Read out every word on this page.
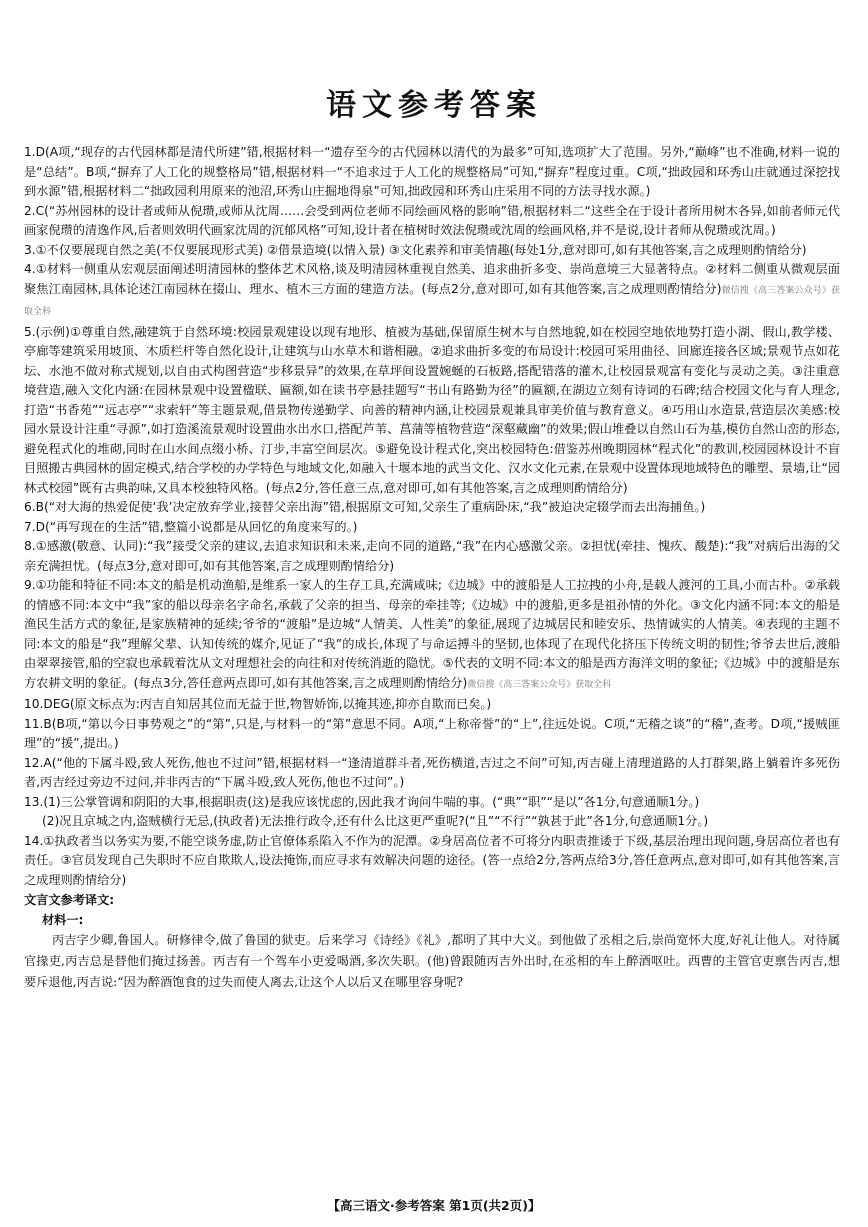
语文参考答案

1.D(A项,“现存的古代园林都是清代所建”错,根据材料一“遗存至今的古代园林以清代的为最多”可知,选项扩大了范围。另外,“巅峰”也不准确,材料一说的是“总结”。B项,“摒弃了人工化的规整格局”错,根据材料一“不追求过于人工化的规整格局”可知,“摒弃”程度过重。C项,“拙政园和环秀山庄就通过深挖找到水源”错,根据材料二“拙政园利用原来的池沼,环秀山庄掘地得泉”可知,拙政园和环秀山庄采用不同的方法寻找水源。)

2.C(“苏州园林的设计者或师从倪瓒,或师从沈周……会受到两位老师不同绘画风格的影响”错,根据材料二“这些全在于设计者所用树木各异,如前者师元代画家倪瓒的清逸作风,后者则效明代画家沈周的沉郁风格”可知,设计者在植树时效法倪瓒或沈周的绘画风格,并不是说,设计者师从倪瓒或沈周。)

3.①不仅要展现自然之美(不仅要展现形式美) ②借景造境(以情入景) ③文化素养和审美情趣(每处1分,意对即可,如有其他答案,言之成理则酌情给分)

4.①材料一侧重从宏观层面阐述明清园林的整体艺术风格,谈及明清园林重视自然美、追求曲折多变、崇尚意境三大显著特点。②材料二侧重从微观层面聚焦江南园林,具体论述江南园林在掇山、理水、植木三方面的建造方法。(每点2分,意对即可,如有其他答案,言之成理则酌情给分)微信搜《高三答案公众号》获取全科

5.(示例)①尊重自然,融建筑于自然环境:校园景观建设以现有地形、植被为基础,保留原生树木与自然地貌,如在校园空地依地势打造小湖、假山,教学楼、亭廊等建筑采用坡顶、木质栏杆等自然化设计,让建筑与山水草木和谐相融。②追求曲折多变的布局设计:校园可采用曲径、回廊连接各区域;景观节点如花坛、水池不做对称式规划,以自由式构图营造“步移景异”的效果,在草坪间设置婉蜒的石板路,搭配错落的灌木,让校园景观富有变化与灵动之美。③注重意境营造,融入文化内涵:在园林景观中设置楹联、匾额,如在读书亭悬挂题写“书山有路勤为径”的匾额,在湖边立刻有诗词的石碑;结合校园文化与育人理念,打造“书香苑”“远志亭”“求索轩”等主题景观,借景物传递勤学、向善的精神内涵,让校园景观兼具审美价值与教育意义。④巧用山水造景,营造层次美感:校园水景设计注重“寻源”,如打造溪流景观时设置曲水出水口,搭配芦苇、菖蒲等植物营造“深壑藏幽”的效果;假山堆叠以自然山石为基,模仿自然山峦的形态,避免程式化的堆砌,同时在山水间点缀小桥、汀步,丰富空间层次。⑤避免设计程式化,突出校园特色:借鉴苏州晚期园林“程式化”的教训,校园园林设计不盲目照搬古典园林的固定模式,结合学校的办学特色与地域文化,如融入十堰本地的武当文化、汉水文化元素,在景观中设置体现地域特色的雕塑、景墙,让“园林式校园”既有古典韵味,又具本校独特风格。(每点2分,答任意三点,意对即可,如有其他答案,言之成理则酌情给分)

6.B(“对大海的热爱促使‘我’决定放弃学业,接替父亲出海”错,根据原文可知,父亲生了重病卧床,“我”被迫决定辍学而去出海捕鱼。)

7.D(“再写现在的生活”错,整篇小说都是从回忆的角度来写的。)

8.①感激(敬意、认同):“我”接受父亲的建议,去追求知识和未来,走向不同的道路,“我”在内心感激父亲。②担忧(牵挂、愧疚、酸楚):“我”对病后出海的父亲充满担忧。(每点3分,意对即可,如有其他答案,言之成理则酌情给分)

9.①功能和特征不同:本文的船是机动渔船,是维系一家人的生存工具,充满咸味;《边城》中的渡船是人工拉拽的小舟,是载人渡河的工具,小而古朴。②承载的情感不同:本文中“我”家的船以母亲名字命名,承载了父亲的担当、母亲的牵挂等;《边城》中的渡船,更多是祖孙情的外化。③文化内涵不同:本文的船是渔民生活方式的象征,是家族精神的延续;爷爷的“渡船”是边城“人情美、人性美”的象征,展现了边城居民和睦安乐、热情诚实的人情美。④表现的主题不同:本文的船是“我”理解父辈、认知传统的媒介,见证了“我”的成长,体现了与命运搏斗的坚韧,也体现了在现代化挤压下传统文明的韧性;爷爷去世后,渡船由翠翠接管,船的空寂也承载着沈从文对理想社会的向往和对传统消逝的隐忧。⑤代表的文明不同:本文的船是西方海洋文明的象征;《边城》中的渡船是东方农耕文明的象征。(每点3分,答任意两点即可,如有其他答案,言之成理则酌情给分)微信搜《高三答案公众号》获取全科

10.DEG(原文标点为:丙吉自知居其位而无益于世,物智娇饰,以掩其迹,抑亦自欺而已矣。)

11.B(B项,“第以今日事势观之”的“第”,只是,与材料一的“第”意思不同。A项,“上称帝誉”的“上”,往远处说。C项,“无稽之谈”的“稽”,查考。D项,“援贼匪理”的“援”,提出。)

12.A(“他的下属斗殴,致人死伤,他也不过问”错,根据材料一“逢清道群斗者,死伤横道,吉过之不问”可知,丙吉碰上清理道路的人打群架,路上躺着许多死伤者,丙吉经过旁边不过问,并非丙吉的“下属斗殴,致人死伤,他也不过问”。)

13.(1)三公掌管调和阴阳的大事,根据职责(这)是我应该忧虑的,因此我才询问牛喘的事。(“典”“职”“是以”各1分,句意通顺1分。)

(2)况且京城之内,盗贼横行无忌,(执政者)无法推行政令,还有什么比这更严重呢?(“且”“不行”“孰甚于此”各1分,句意通顺1分。)

14.①执政者当以务实为要,不能空谈务虚,防止官僚体系陷入不作为的泥潭。②身居高位者不可将分内职责推诿于下级,基层治理出现问题,身居高位者也有责任。③官员发现自己失职时不应自欺欺人,设法掩饰,而应寻求有效解决问题的途径。(答一点给2分,答两点给3分,答任意两点,意对即可,如有其他答案,言之成理则酌情给分)

文言文参考译文:

材料一:

丙吉字少卿,鲁国人。研修律令,做了鲁国的狱吏。后来学习《诗经》《礼》,都明了其中大义。到他做了丞相之后,崇尚宽怀大度,好礼让他人。对待属官掾吏,丙吉总是替他们掩过扬善。丙吉有一个驾车小吏爱喝酒,多次失职。(他)曾跟随丙吉外出时,在丞相的车上醉酒呕吐。西曹的主管官吏禀告丙吉,想要斥退他,丙吉说:“因为醉酒饱食的过失而使人离去,让这个人以后又在哪里容身呢?

【高三语文·参考答案 第1页(共2页)】
